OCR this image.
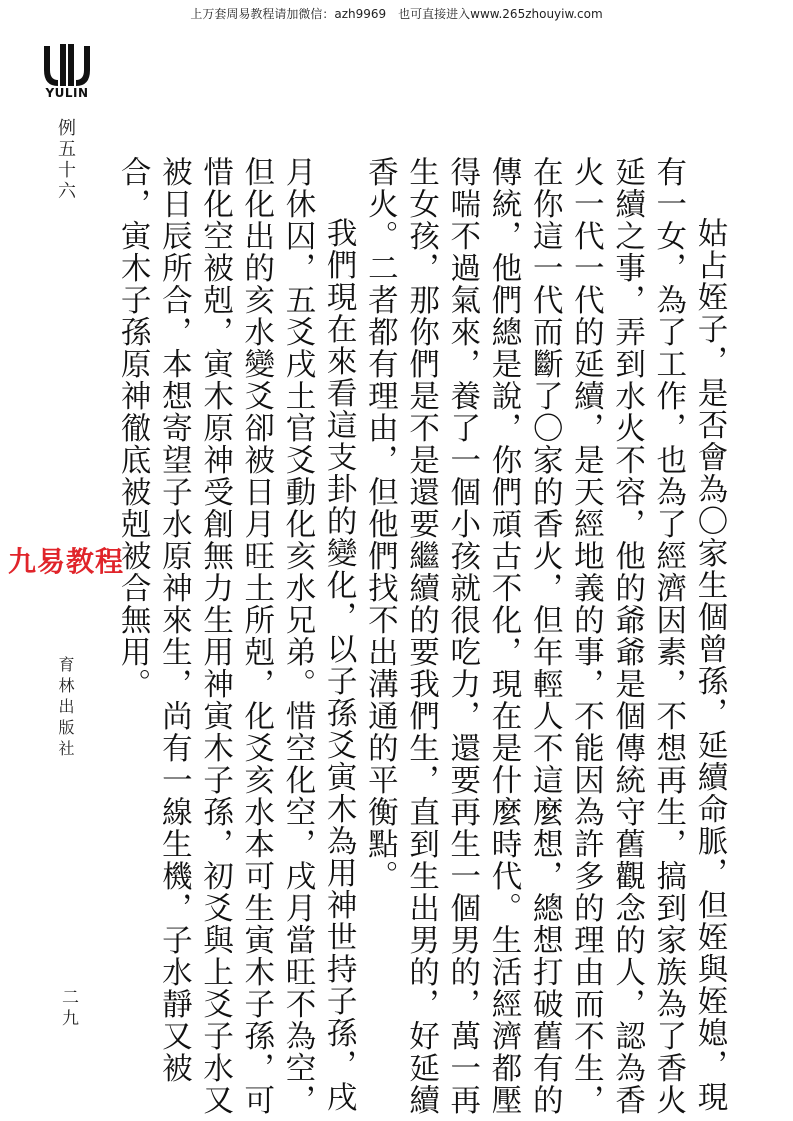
上万套周易教程请加微信：azh9969　也可直接进入www.265zhouyiw.com
YULIN
例五十六
育林出版社
二九
九易教程	姑占姪子，是否會為〇家生個曾孫，延續命脈，但姪與姪媳，現有一女，為了工作，也為了經濟因素，不想再生，搞到家族為了香火延續之事，弄到水火不容，他的爺爺是個傳統守舊觀念的人，認為香火一代一代的延續，是天經地義的事，不能因為許多的理由而不生，在你這一代而斷了〇家的香火，但年輕人不這麼想，總想打破舊有的傳統，他們總是說，你們頑古不化，現在是什麼時代。生活經濟都壓得喘不過氣來，養了一個小孩就很吃力，還要再生一個男的，萬一再生女孩，那你們是不是還要繼續的要我們生，直到生出男的，好延續香火。二者都有理由，但他們找不出溝通的平衡點。

我們現在來看這支卦的變化，以子孫爻寅木為用神世持子孫，戌月休囚，五爻戌土官爻動化亥水兄弟。惜空化空，戌月當旺不為空，但化出的亥水變爻卻被日月旺土所剋，化爻亥水本可生寅木子孫，可惜化空被剋，寅木原神受創無力生用神寅木子孫，初爻與上爻子水又被日辰所合，本想寄望子水原神來生，尚有一線生機，子水靜又被合，寅木子孫原神徹底被剋被合無用。
